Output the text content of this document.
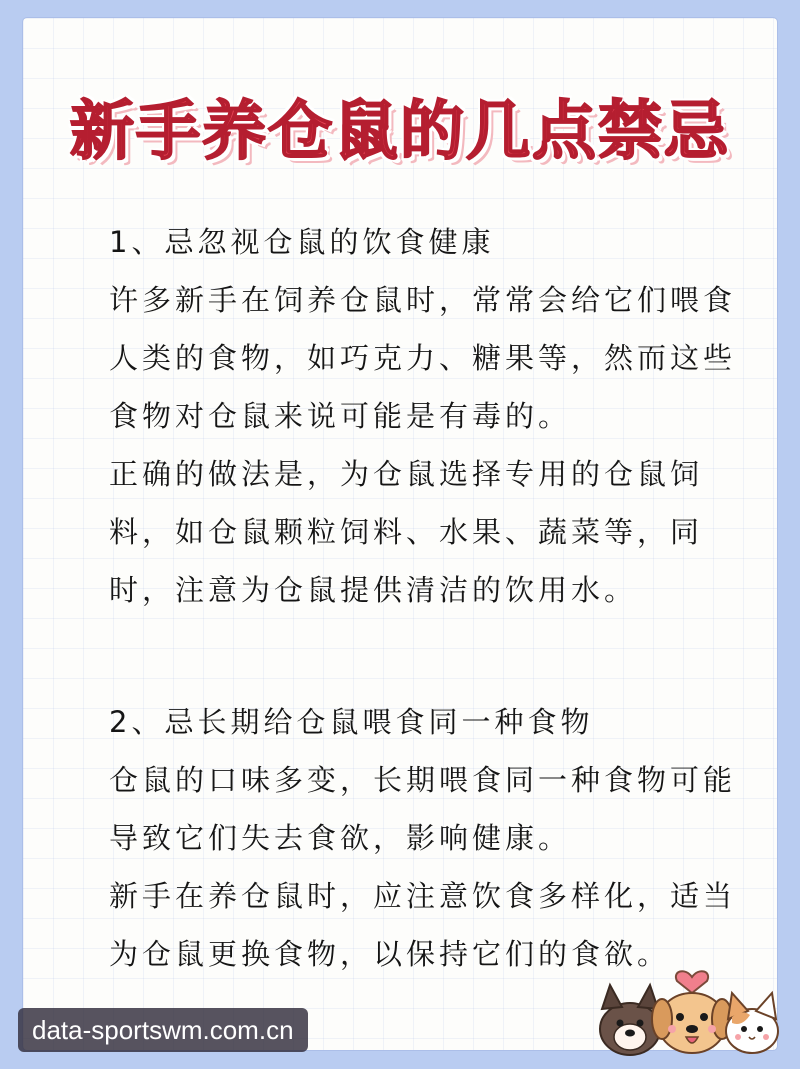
新手养仓鼠的几点禁忌

1、忌忽视仓鼠的饮食健康

许多新手在饲养仓鼠时，常常会给它们喂食人类的食物，如巧克力、糖果等，然而这些食物对仓鼠来说可能是有毒的。

正确的做法是，为仓鼠选择专用的仓鼠饲料，如仓鼠颗粒饲料、水果、蔬菜等，同时，注意为仓鼠提供清洁的饮用水。

2、忌长期给仓鼠喂食同一种食物

仓鼠的口味多变，长期喂食同一种食物可能导致它们失去食欲，影响健康。

新手在养仓鼠时，应注意饮食多样化，适当为仓鼠更换食物，以保持它们的食欲。

data-sportswm.com.cn
